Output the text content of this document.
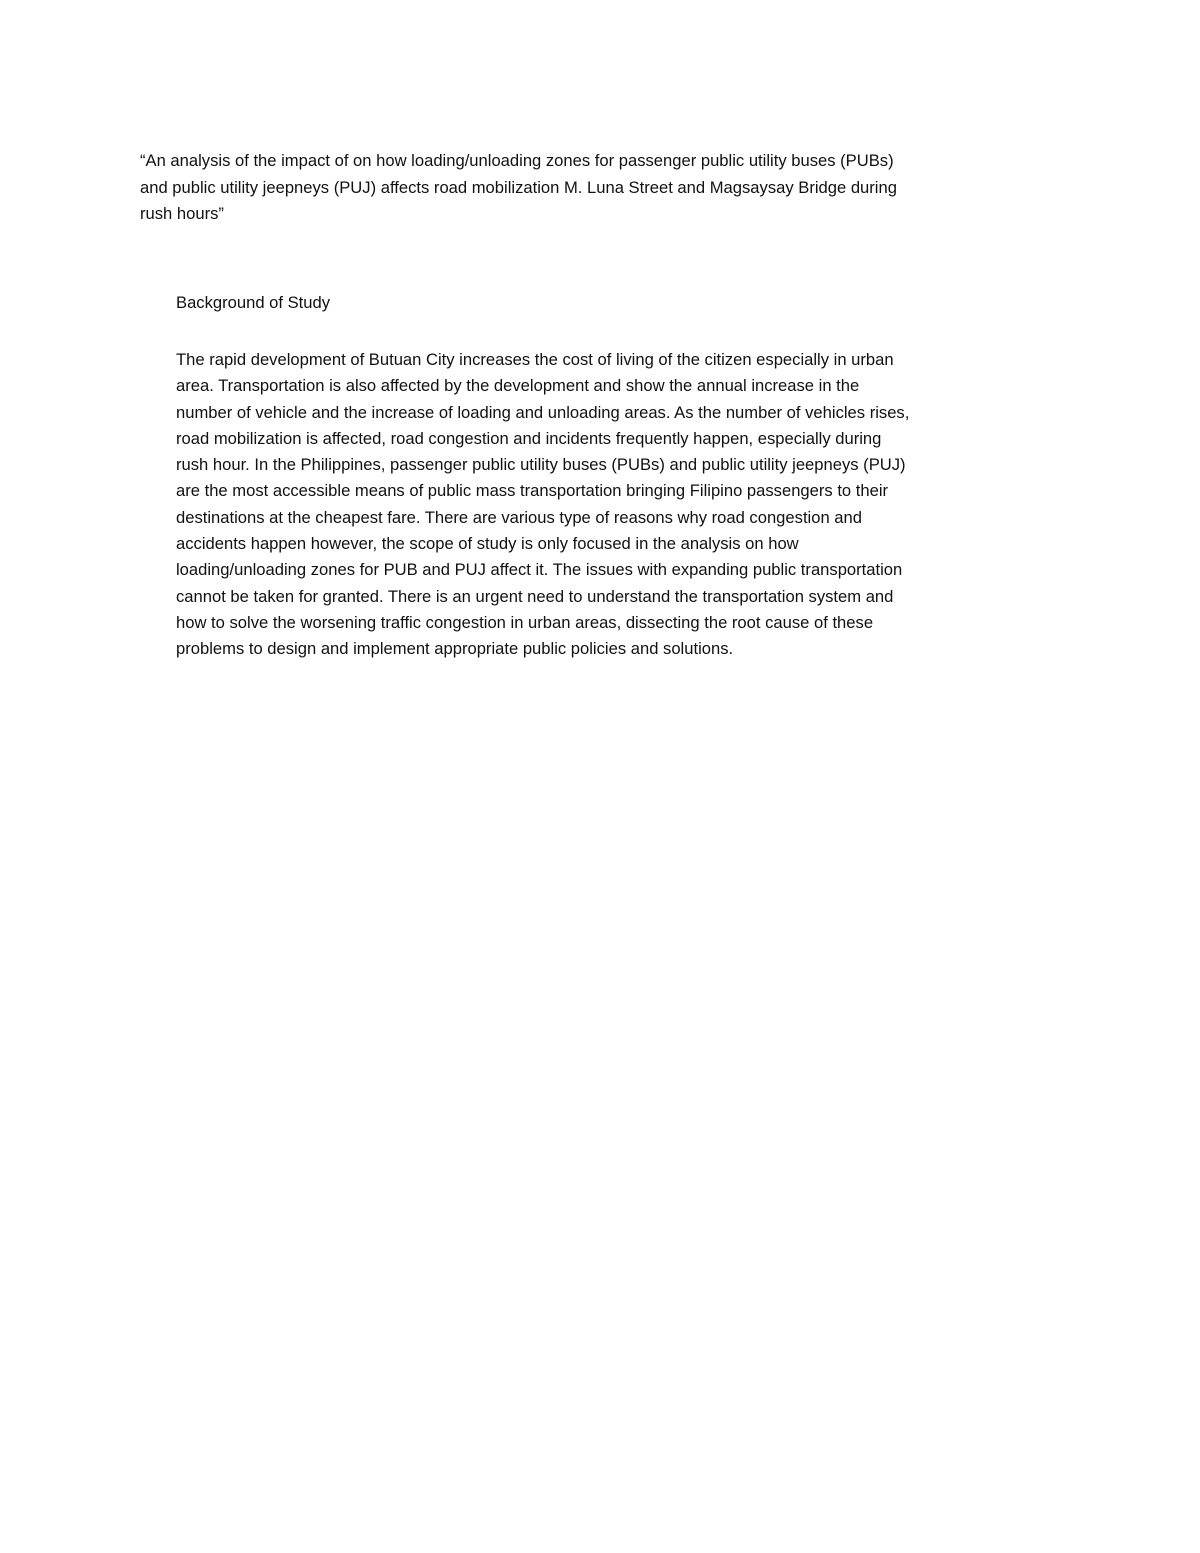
“An analysis of the impact of on how loading/unloading zones for passenger public utility buses (PUBs)
and public utility jeepneys (PUJ) affects road mobilization M. Luna Street and Magsaysay Bridge during
rush hours”
Background of Study
The rapid development of Butuan City increases the cost of living of the citizen especially in urban
area. Transportation is also affected by the development and show the annual increase in the
number of vehicle and the increase of loading and unloading areas. As the number of vehicles rises,
road mobilization is affected, road congestion and incidents frequently happen, especially during
rush hour. In the Philippines, passenger public utility buses (PUBs) and public utility jeepneys (PUJ)
are the most accessible means of public mass transportation bringing Filipino passengers to their
destinations at the cheapest fare. There are various type of reasons why road congestion and
accidents happen however, the scope of study is only focused in the analysis on how
loading/unloading zones for PUB and PUJ affect it. The issues with expanding public transportation
cannot be taken for granted. There is an urgent need to understand the transportation system and
how to solve the worsening traffic congestion in urban areas, dissecting the root cause of these
problems to design and implement appropriate public policies and solutions.
